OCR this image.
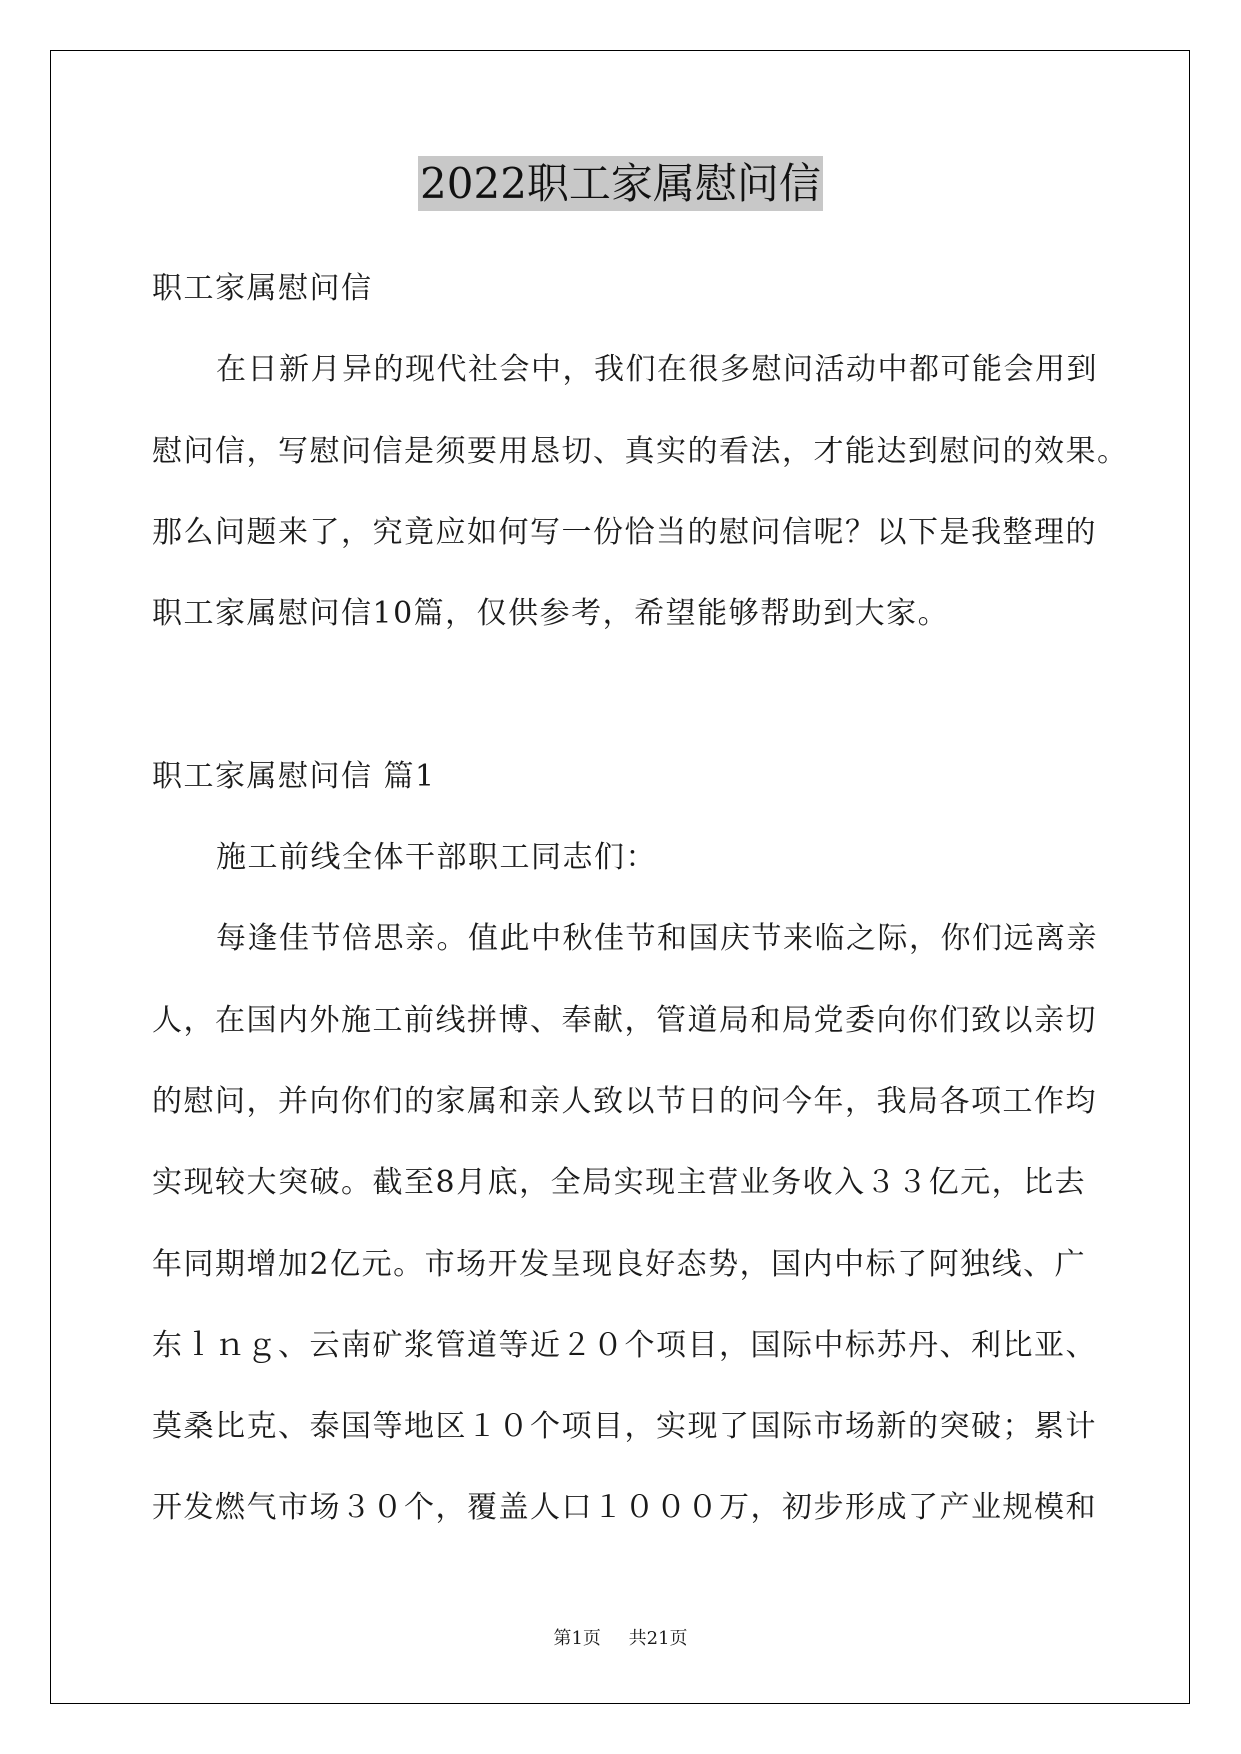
2022职工家属慰问信
职工家属慰问信
在日新月异的现代社会中，我们在很多慰问活动中都可能会用到
慰问信，写慰问信是须要用恳切、真实的看法，才能达到慰问的效果。
那么问题来了，究竟应如何写一份恰当的慰问信呢？以下是我整理的
职工家属慰问信10篇，仅供参考，希望能够帮助到大家。
职工家属慰问信 篇1
施工前线全体干部职工同志们：
每逢佳节倍思亲。值此中秋佳节和国庆节来临之际，你们远离亲
人，在国内外施工前线拼博、奉献，管道局和局党委向你们致以亲切
的慰问，并向你们的家属和亲人致以节日的问今年，我局各项工作均
实现较大突破。截至8月底，全局实现主营业务收入３３亿元，比去
年同期增加2亿元。市场开发呈现良好态势，国内中标了阿独线、广
东ｌｎｇ、云南矿浆管道等近２０个项目，国际中标苏丹、利比亚、
莫桑比克、泰国等地区１０个项目，实现了国际市场新的突破；累计
开发燃气市场３０个，覆盖人口１０００万，初步形成了产业规模和
第1页 共21页
